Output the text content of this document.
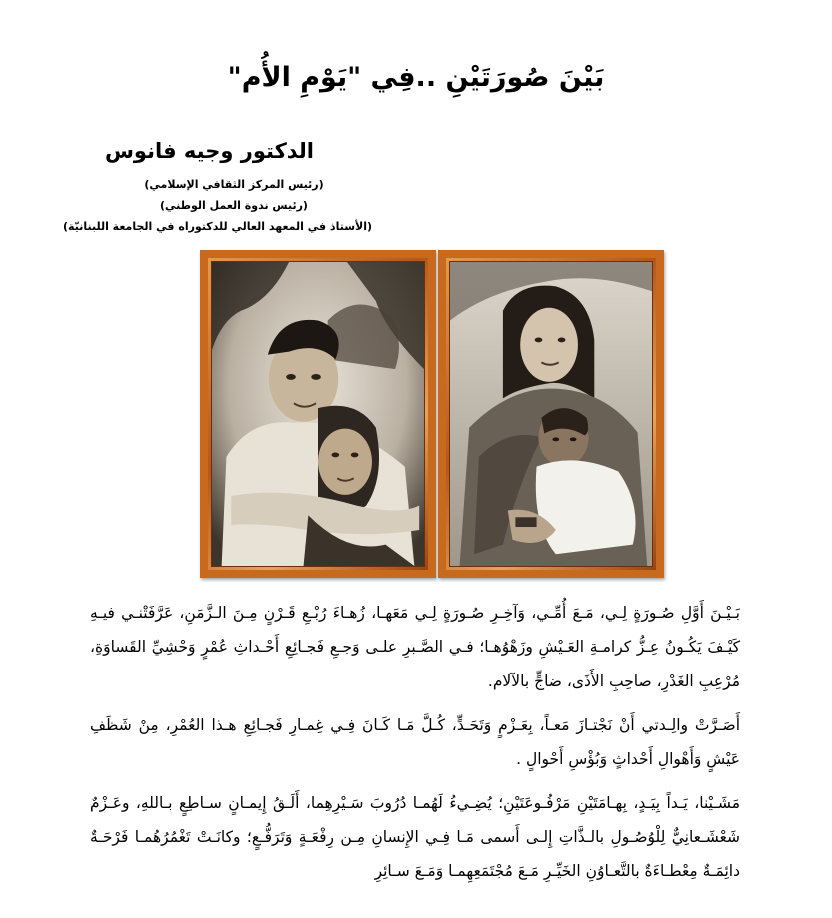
بَيْنَ صُورَتَيْنِ ..فِي "يَوْمِ الأُم"
الدكتور وجيه فانوس
(رئيس المركز الثقافي الإسلامي)
(رئيس ندوة العمل الوطني)
(الأستاذ في المعهد العالي للدكتوراه في الجامعة اللبنانيّة)

بَـيْـنَ أَوَّلِ صُـورَةٍ لِـي، مَـعَ أُمِّـي، وَآخِـرِ صُـورَةٍ لِـي مَعَهـا، زُهـاءَ رُبْـعِ قَـرْنٍ مِـنَ الـزَّمَنِ، عَرَّفَتْنـي فيـهِ كَيْـفَ يَكُـونُ عِـزُّ كرامـةِ العَـيْشِ وزَهْوُهـا؛ فـي الصَّـبرِ علـى وَجـعِ فَجـائِعِ أَحْـداثِ عُمْرٍ وَحْشِيِّ القَساوَةِ، مُرْعِبِ الغَدْرِ، صاحِبِ الأَذَى، ضاجٍّ بالآلام.

أَصَـرَّتْ والِـدتي أَنْ نَجْتـازَ مَعـاً، بِعَـزْمٍ وَتَحَـدٍّ، كُـلَّ مَـا كَـانَ فِـي غِمـارِ فَجـائِعِ هـذا العُمْرِ، مِنْ شَظَفِ عَيْشٍ وَأَهْوالِ أَحْداثٍ وَبُؤْسِ أَحْوالٍ .

مَشَـيْنا، يَـداً بِيَـدٍ، بِهـامَتَيْنِ مَرْفُـوعَتَيْنِ؛ يُضِـيءُ لَهُمـا دُرُوبَ سَـيْرِهِما، أَلَـقُ إِيمـانٍ سـاطِعٍ بـاللهِ، وعَـزْمٌ شَعْشَـعانِيٌّ لِلْوُصُـولِ بالـذَّاتِ إِلـى أَسمى مَـا فِـي الإِنسانِ مِـن رِفْعَـةٍ وَتَرَفُّـعٍ؛ وكانَـتْ تَغْمُرُهُمـا فَرْحَـةٌ دائِمَـةٌ مِعْطـاءَةٌ بالتَّعـاوُنِ الخَيِّـرِ مَـعَ مُجْتَمَعِهِمـا وَمَـعَ سـائِرِ
